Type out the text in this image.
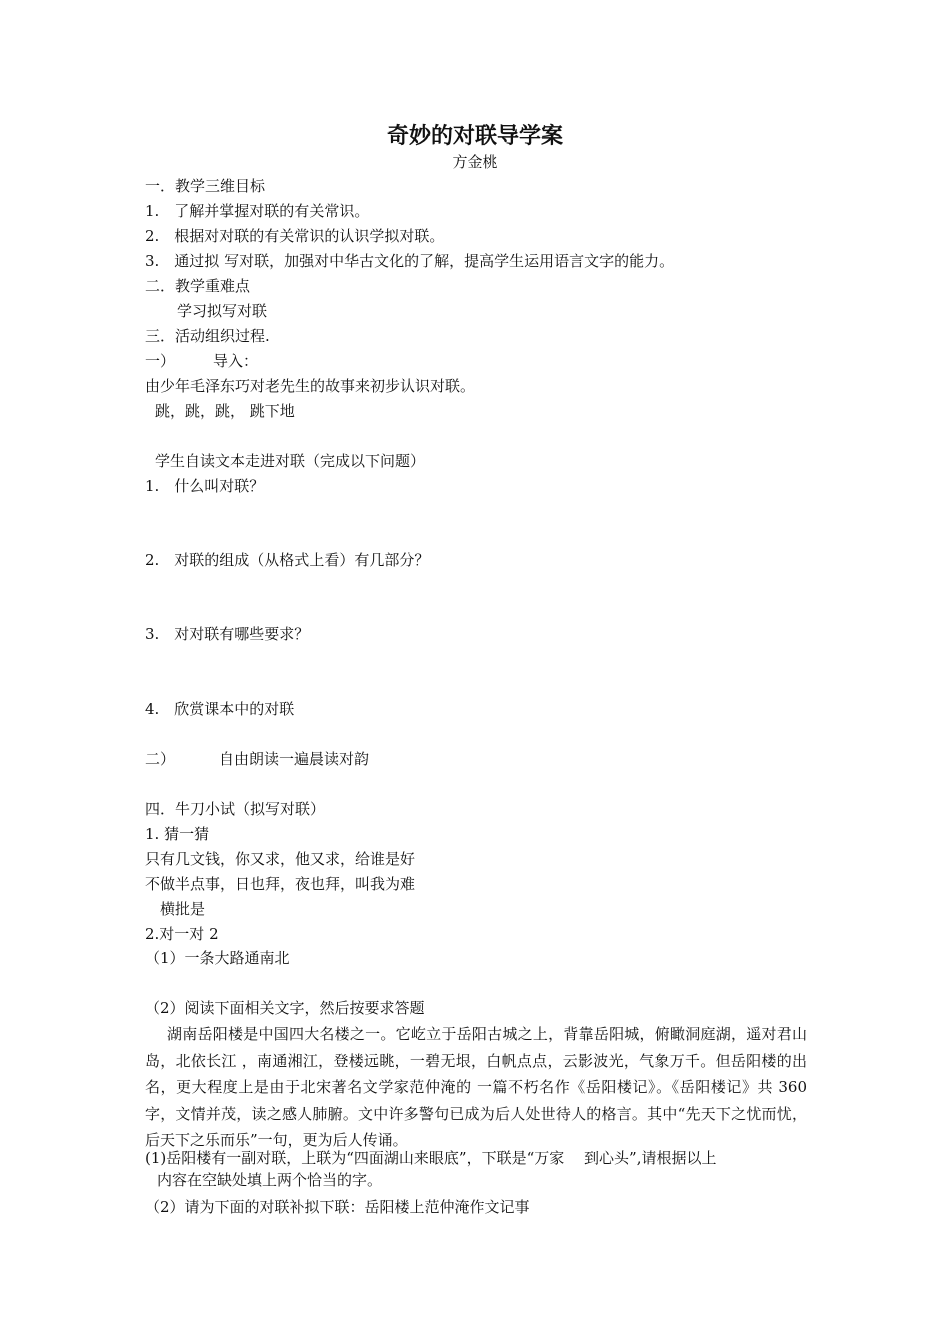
奇妙的对联导学案
方金桃
一．教学三维目标
1.　了解并掌握对联的有关常识。
2.　根据对对联的有关常识的认识学拟对联。
3.　通过拟 写对联，加强对中华古文化的了解，提高学生运用语言文字的能力。
二．教学重难点
学习拟写对联
三．活动组织过程.
一）	导入：
由少年毛泽东巧对老先生的故事来初步认识对联。
跳，跳，跳， 跳下地
学生自读文本走进对联（完成以下问题）
1.　什么叫对联？
2.　对联的组成（从格式上看）有几部分？
3.　对对联有哪些要求？
4.　欣赏课本中的对联
二）	自由朗读一遍晨读对韵
四．牛刀小试（拟写对联）
1. 猜一猜
只有几文钱，你又求，他又求，给谁是好
不做半点事，日也拜，夜也拜，叫我为难
横批是
2.对一对 2
（1）一条大路通南北
（2）阅读下面相关文字，然后按要求答题
湖南岳阳楼是中国四大名楼之一。它屹立于岳阳古城之上，背靠岳阳城，俯瞰洞庭湖，遥对君山岛，北依长江 ，南通湘江，登楼远眺，一碧无垠，白帆点点，云影波光，气象万千。但岳阳楼的出名，更大程度上是由于北宋著名文学家范仲淹的 一篇不朽名作《岳阳楼记》。《岳阳楼记》共 360 字，文情并茂，读之感人肺腑。文中许多警句已成为后人处世待人的格言。其中“先天下之忧而忧，后天下之乐而乐”一句，更为后人传诵。
(1)岳阳楼有一副对联，上联为“四面湖山来眼底”，下联是“万家　 到心头”,请根据以上
内容在空缺处填上两个恰当的字。
（2）请为下面的对联补拟下联：岳阳楼上范仲淹作文记事
